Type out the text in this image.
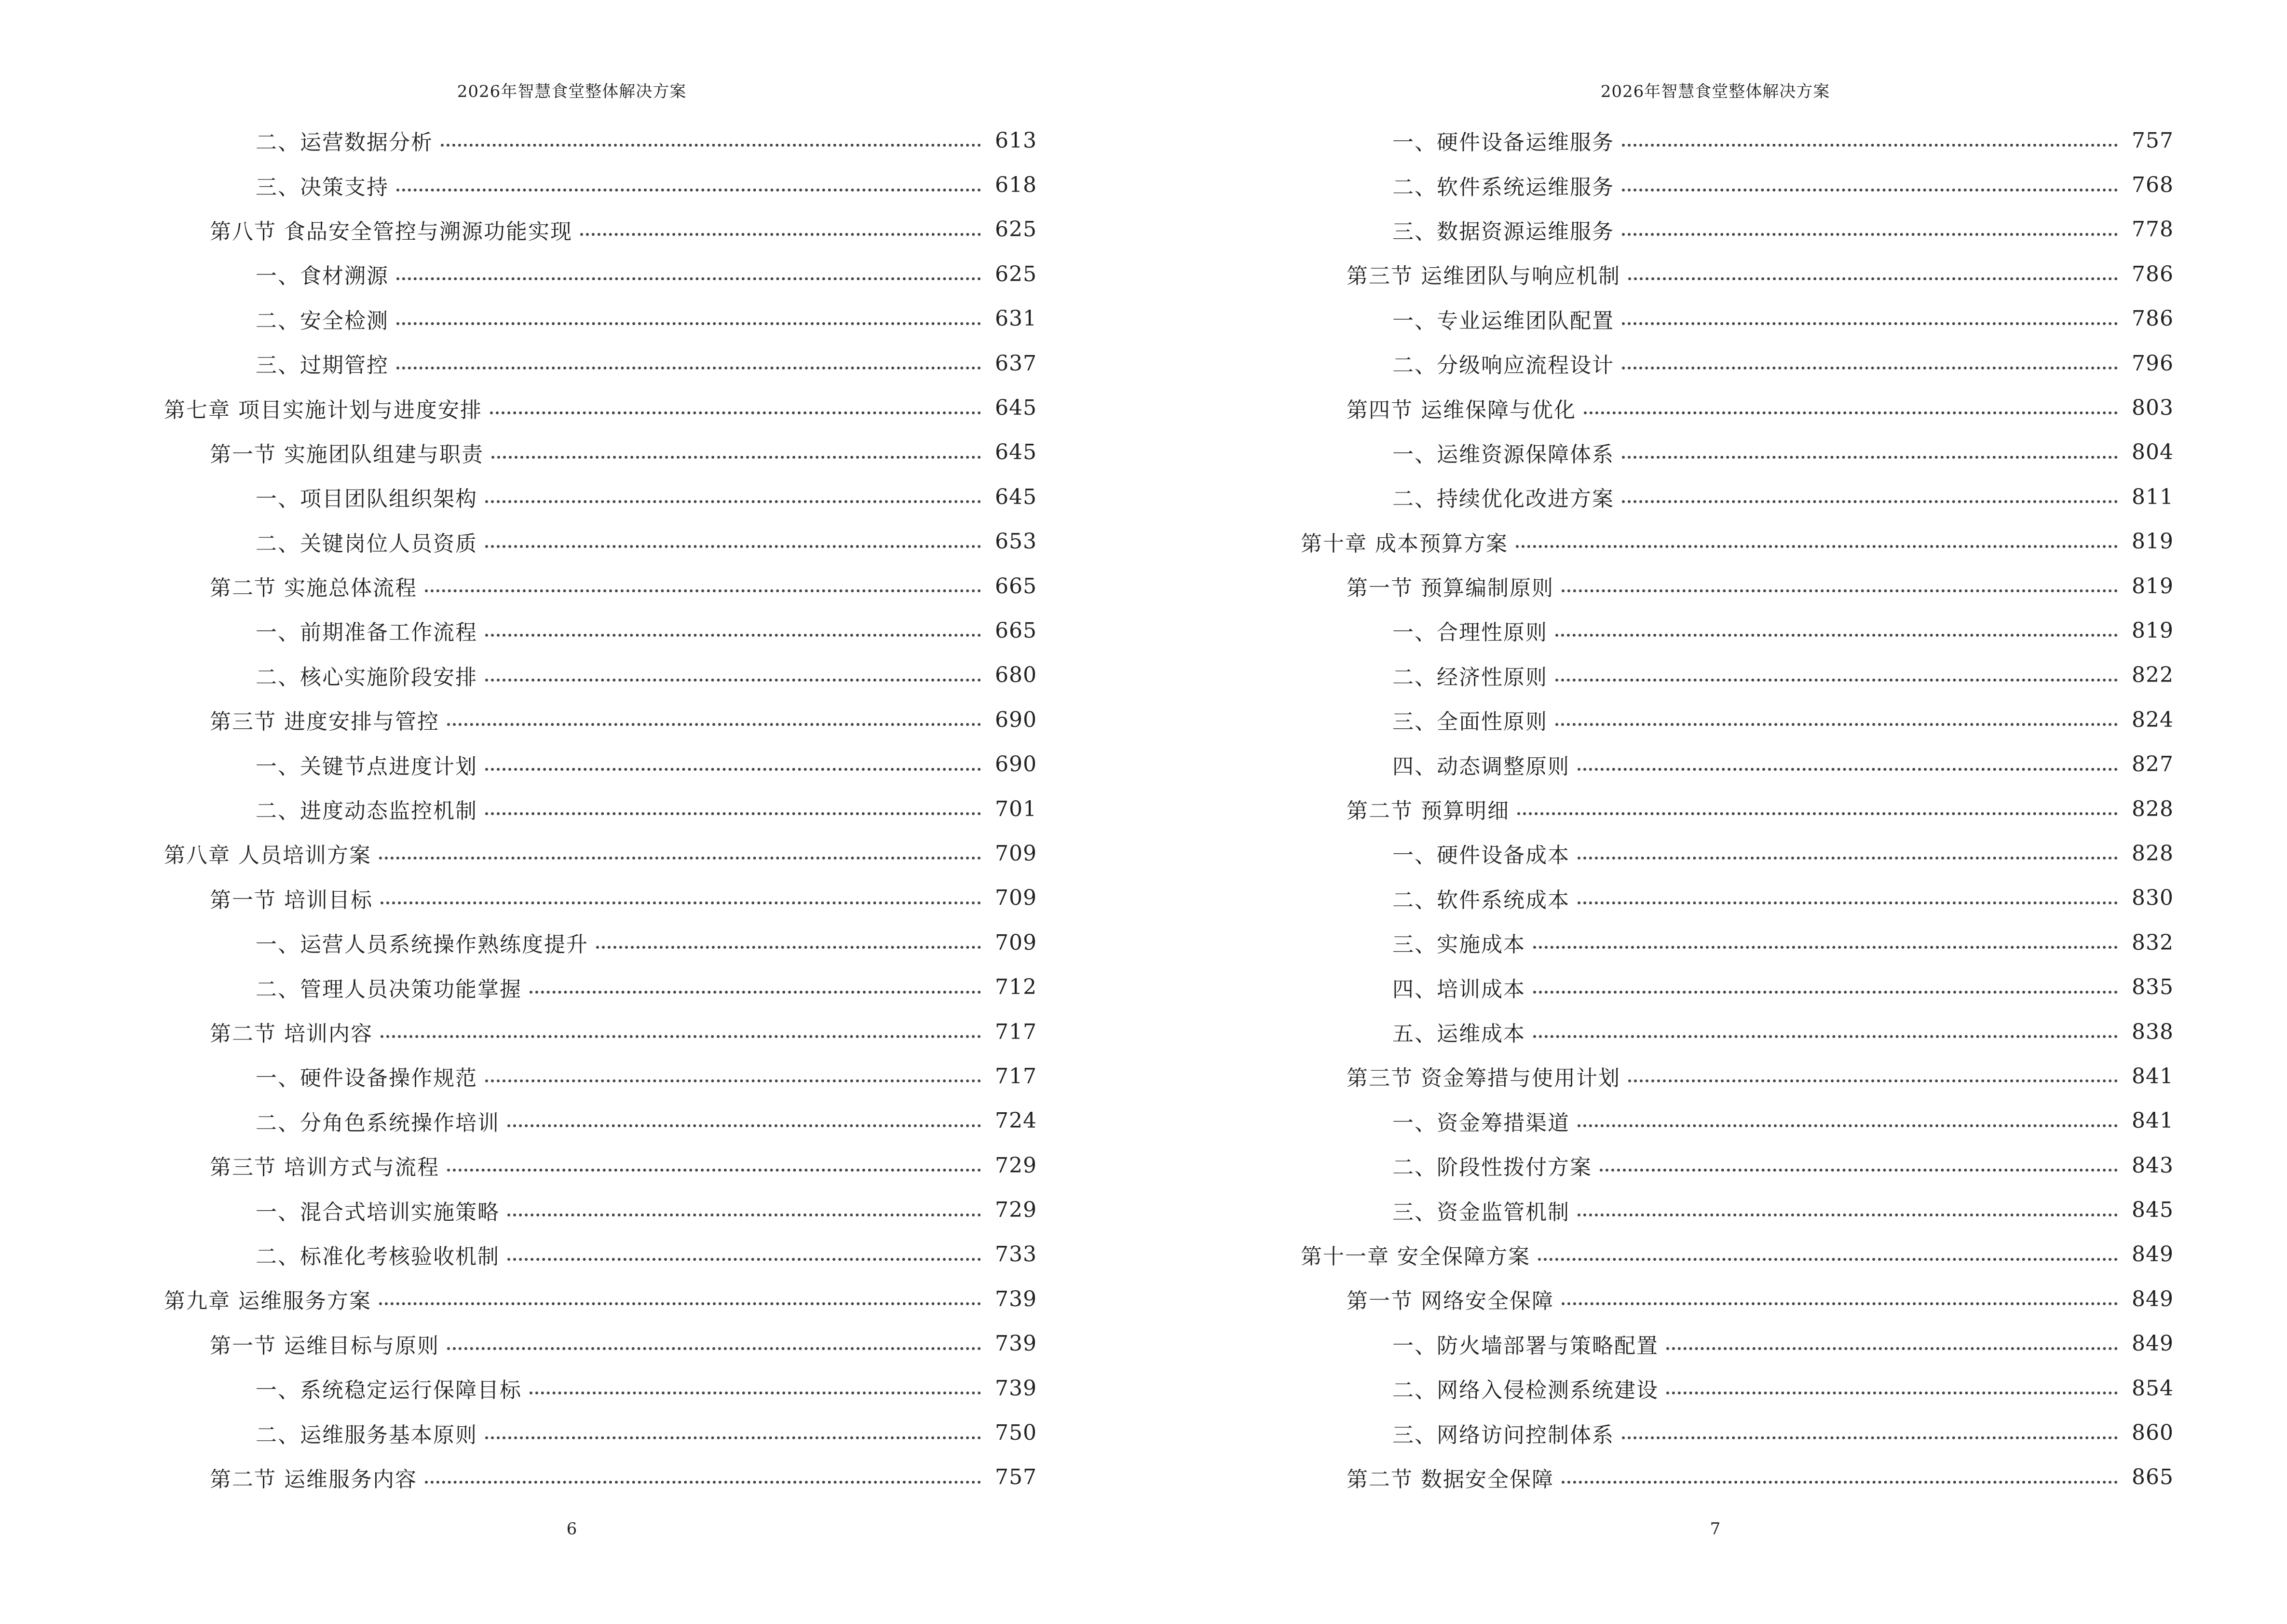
2026年智慧食堂整体解决方案
二、运营数据分析	613
三、决策支持	618
第八节 食品安全管控与溯源功能实现	625
一、食材溯源	625
二、安全检测	631
三、过期管控	637
第七章 项目实施计划与进度安排	645
第一节 实施团队组建与职责	645
一、项目团队组织架构	645
二、关键岗位人员资质	653
第二节 实施总体流程	665
一、前期准备工作流程	665
二、核心实施阶段安排	680
第三节 进度安排与管控	690
一、关键节点进度计划	690
二、进度动态监控机制	701
第八章 人员培训方案	709
第一节 培训目标	709
一、运营人员系统操作熟练度提升	709
二、管理人员决策功能掌握	712
第二节 培训内容	717
一、硬件设备操作规范	717
二、分角色系统操作培训	724
第三节 培训方式与流程	729
一、混合式培训实施策略	729
二、标准化考核验收机制	733
第九章 运维服务方案	739
第一节 运维目标与原则	739
一、系统稳定运行保障目标	739
二、运维服务基本原则	750
第二节 运维服务内容	757
6
2026年智慧食堂整体解决方案
一、硬件设备运维服务	757
二、软件系统运维服务	768
三、数据资源运维服务	778
第三节 运维团队与响应机制	786
一、专业运维团队配置	786
二、分级响应流程设计	796
第四节 运维保障与优化	803
一、运维资源保障体系	804
二、持续优化改进方案	811
第十章 成本预算方案	819
第一节 预算编制原则	819
一、合理性原则	819
二、经济性原则	822
三、全面性原则	824
四、动态调整原则	827
第二节 预算明细	828
一、硬件设备成本	828
二、软件系统成本	830
三、实施成本	832
四、培训成本	835
五、运维成本	838
第三节 资金筹措与使用计划	841
一、资金筹措渠道	841
二、阶段性拨付方案	843
三、资金监管机制	845
第十一章 安全保障方案	849
第一节 网络安全保障	849
一、防火墙部署与策略配置	849
二、网络入侵检测系统建设	854
三、网络访问控制体系	860
第二节 数据安全保障	865
7
